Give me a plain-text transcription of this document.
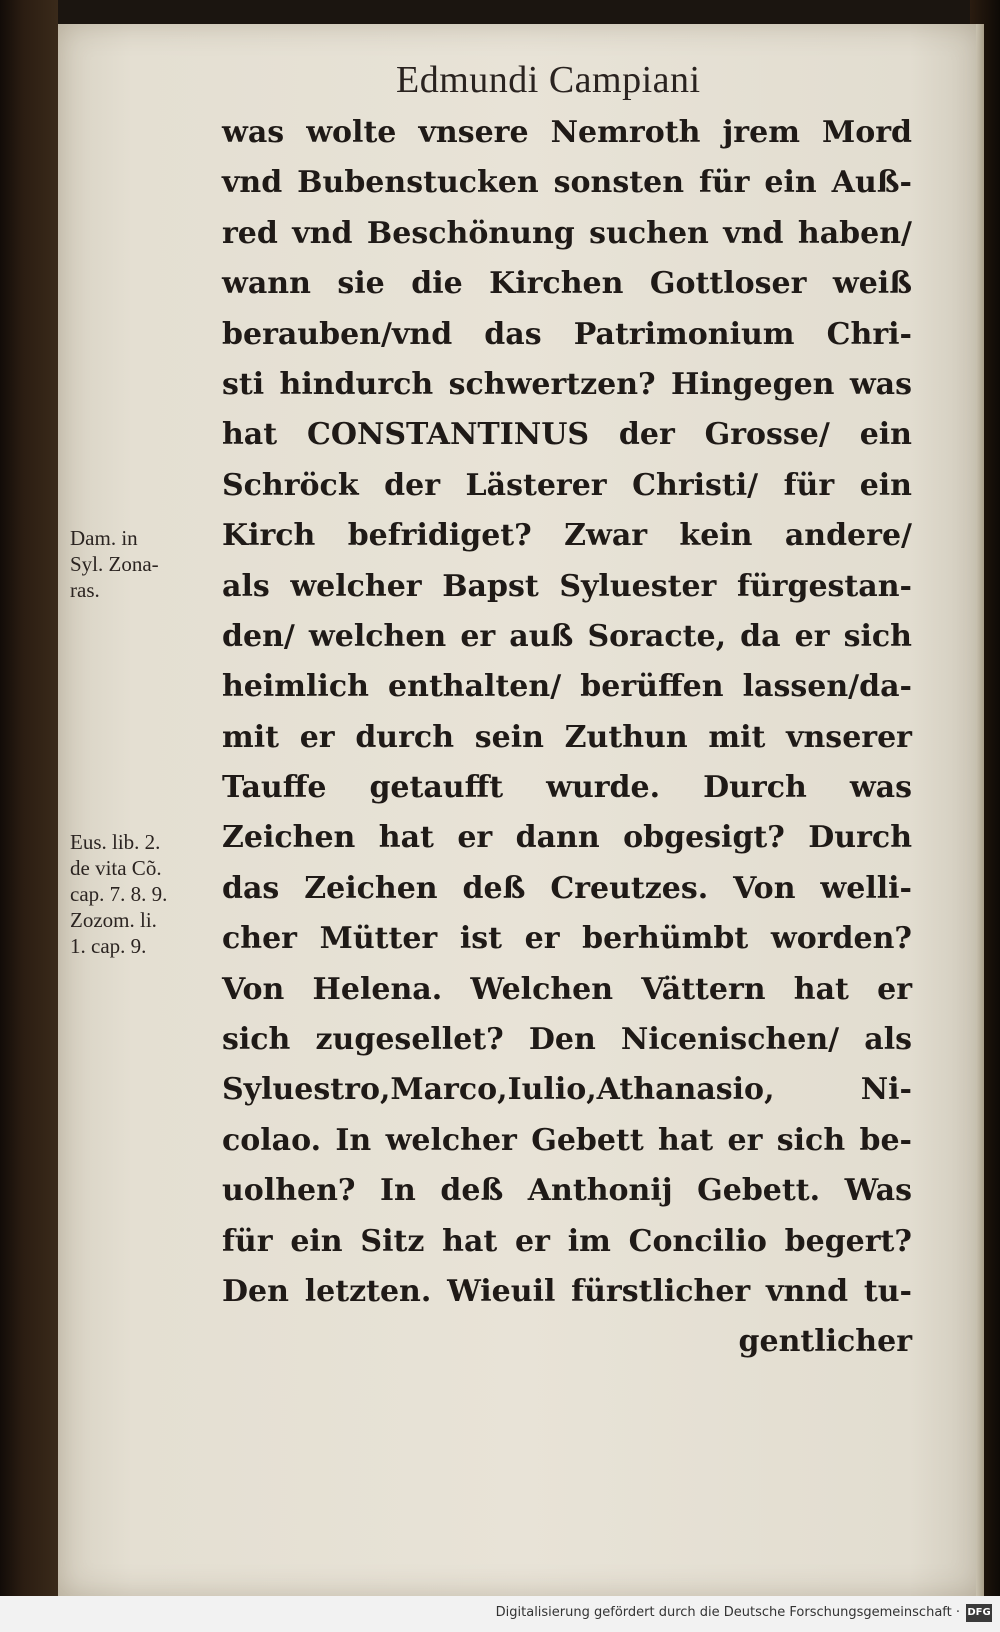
Edmundi Campiani
was wolte vnsere Nemroth jrem Mord
vnd Bubenstucken sonsten für ein Auß-
red vnd Beschönung suchen vnd haben/
wann sie die Kirchen Gottloser weiß
berauben/vnd das Patrimonium Chri-
sti hindurch schwertzen? Hingegen was
hat CONSTANTINUS der Grosse/ ein
Schröck der Lästerer Christi/ für ein
Kirch befridiget? Zwar kein andere/
als welcher Bapst Syluester fürgestan-
den/ welchen er auß Soracte, da er sich
heimlich enthalten/ berüffen lassen/da-
mit er durch sein Zuthun mit vnserer
Tauffe getaufft wurde. Durch was
Zeichen hat er dann obgesigt? Durch
das Zeichen deß Creutzes. Von welli-
cher Mütter ist er berhümbt worden?
Von Helena. Welchen Vättern hat er
sich zugesellet? Den Nicenischen/ als
Syluestro,Marco,Iulio,Athanasio, Ni-
colao. In welcher Gebett hat er sich be-
uolhen? In deß Anthonij Gebett. Was
für ein Sitz hat er im Concilio begert?
Den letzten. Wieuil fürstlicher vnnd tu-
gentlicher
Dam. in
Syl. Zona-
ras.
Eus. lib. 2.
de vita Cõ.
cap. 7. 8. 9.
Zozom. li.
1. cap. 9.
Digitalisierung gefördert durch die Deutsche Forschungsgemeinschaft · DFG
